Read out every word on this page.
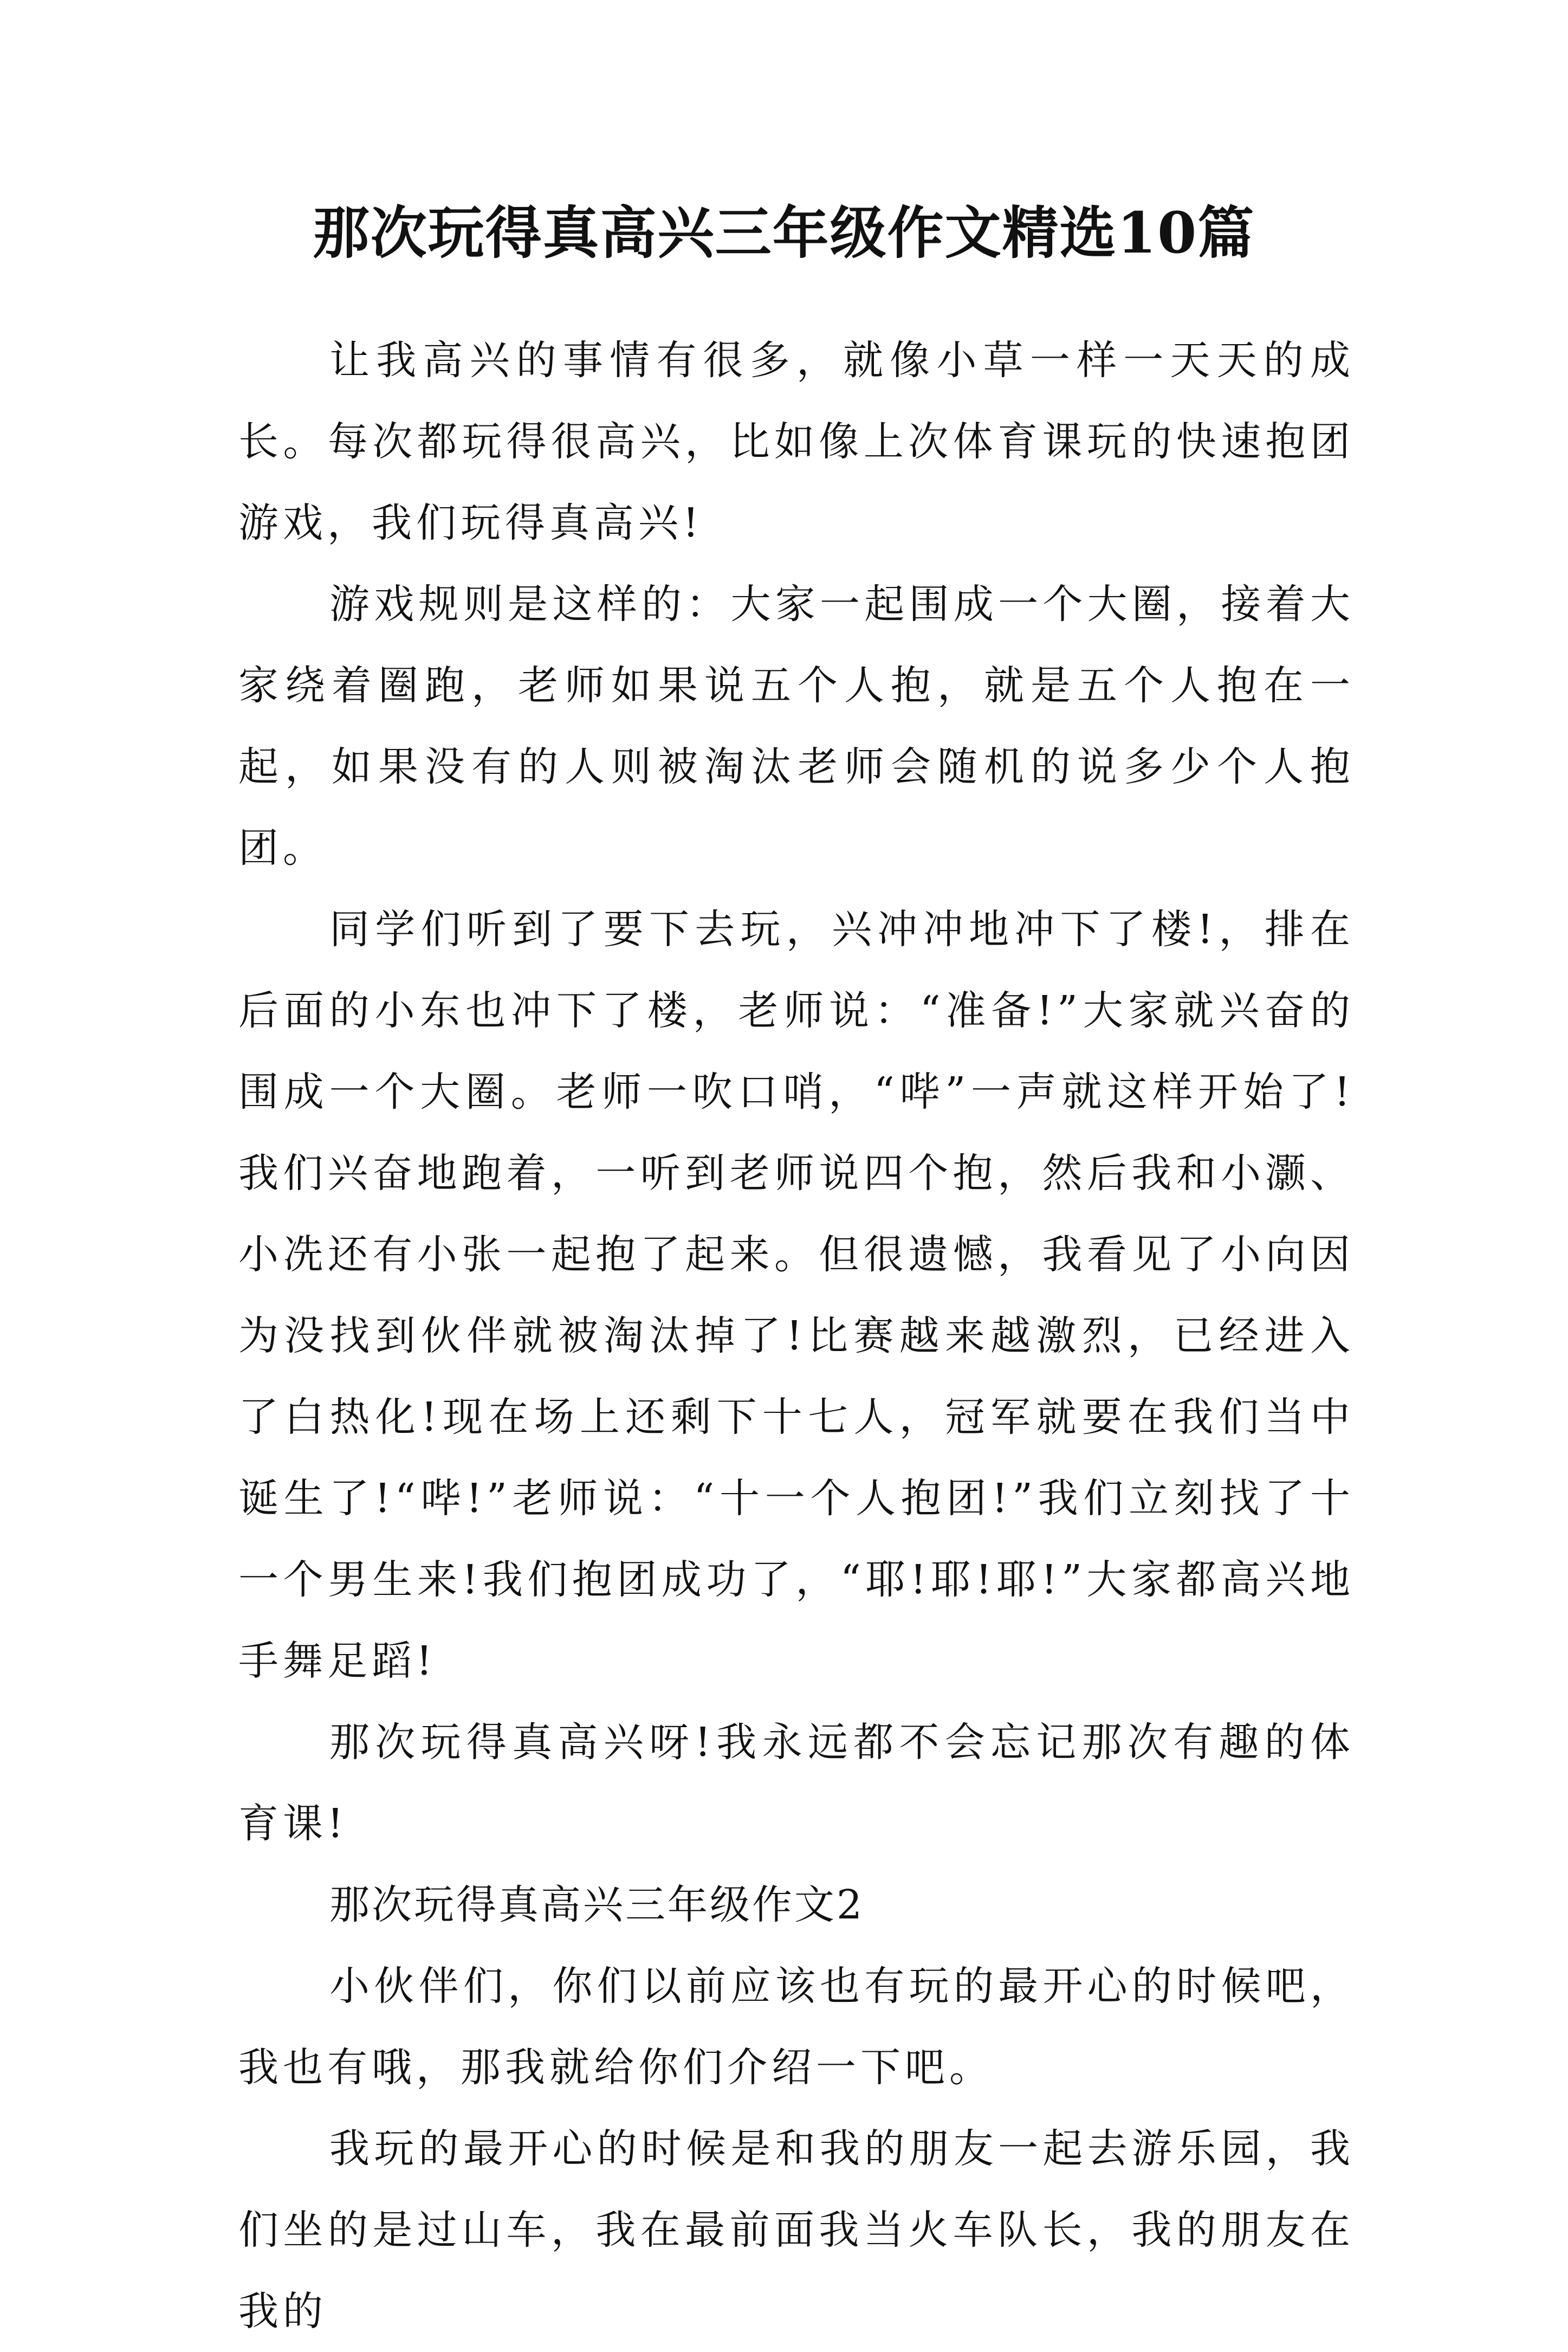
那次玩得真高兴三年级作文精选10篇

让我高兴的事情有很多，就像小草一样一天天的成长。每次都玩得很高兴，比如像上次体育课玩的快速抱团游戏，我们玩得真高兴!

游戏规则是这样的：大家一起围成一个大圈，接着大家绕着圈跑，老师如果说五个人抱，就是五个人抱在一起，如果没有的人则被淘汰老师会随机的说多少个人抱团。

同学们听到了要下去玩，兴冲冲地冲下了楼!，排在后面的小东也冲下了楼，老师说：“准备!”大家就兴奋的围成一个大圈。老师一吹口哨，“哔”一声就这样开始了!我们兴奋地跑着，一听到老师说四个抱，然后我和小灏、小冼还有小张一起抱了起来。但很遗憾，我看见了小向因为没找到伙伴就被淘汰掉了!比赛越来越激烈，已经进入了白热化!现在场上还剩下十七人，冠军就要在我们当中诞生了!“哔!”老师说：“十一个人抱团!”我们立刻找了十一个男生来!我们抱团成功了，“耶!耶!耶!”大家都高兴地手舞足蹈!

那次玩得真高兴呀!我永远都不会忘记那次有趣的体育课!

那次玩得真高兴三年级作文2

小伙伴们，你们以前应该也有玩的最开心的时候吧，我也有哦，那我就给你们介绍一下吧。

我玩的最开心的时候是和我的朋友一起去游乐园，我们坐的是过山车，我在最前面我当火车队长，我的朋友在我的
